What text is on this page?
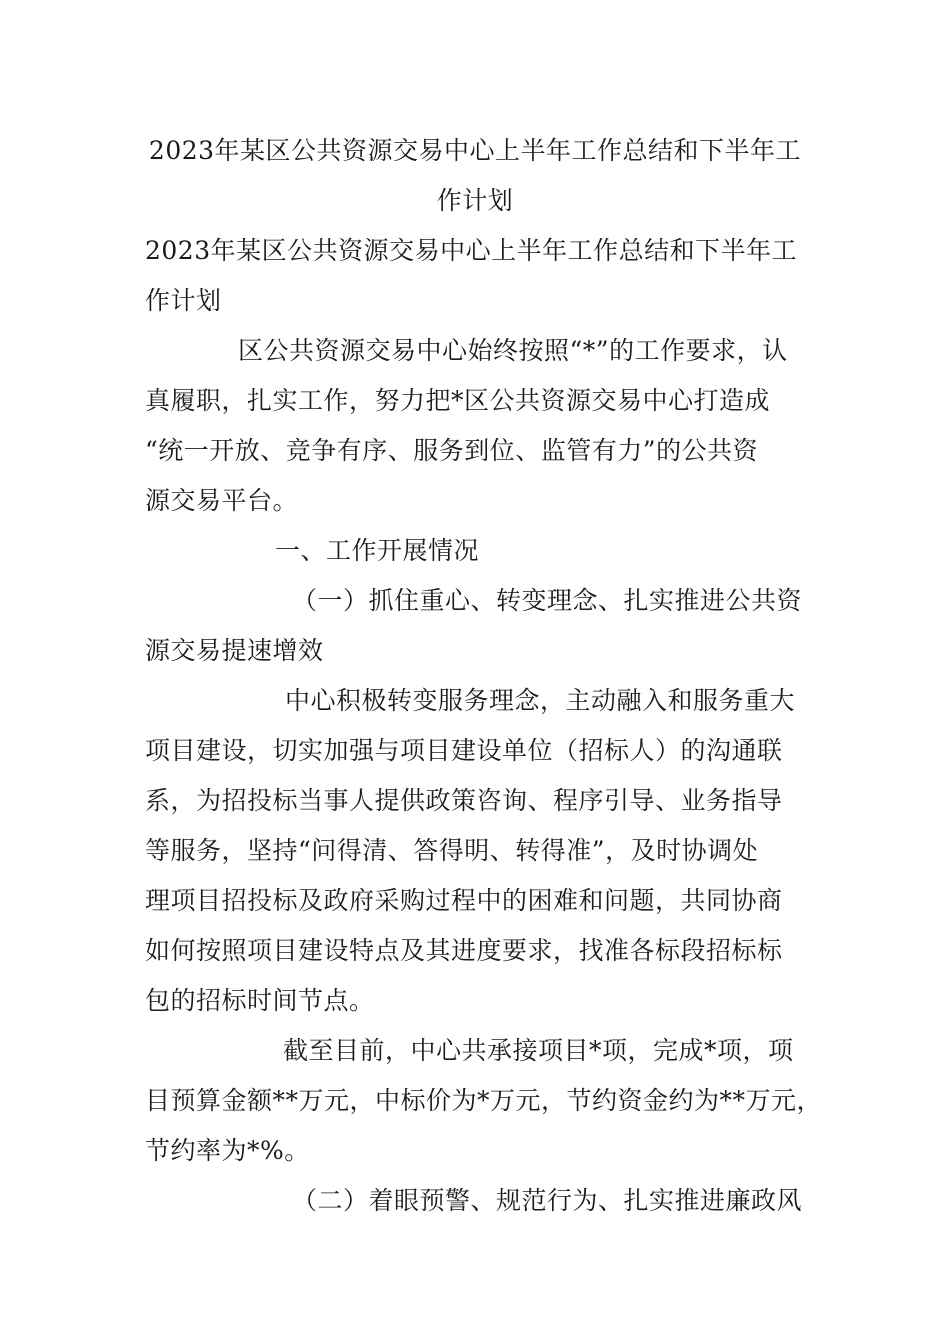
2023年某区公共资源交易中心上半年工作总结和下半年工
作计划
2023年某区公共资源交易中心上半年工作总结和下半年工
作计划
区公共资源交易中心始终按照“*”的工作要求，认
真履职，扎实工作，努力把*区公共资源交易中心打造成
“统一开放、竞争有序、服务到位、监管有力”的公共资
源交易平台。
一、工作开展情况
（一）抓住重心、转变理念、扎实推进公共资
源交易提速增效
中心积极转变服务理念，主动融入和服务重大
项目建设，切实加强与项目建设单位（招标人）的沟通联
系，为招投标当事人提供政策咨询、程序引导、业务指导
等服务，坚持“问得清、答得明、转得准”，及时协调处
理项目招投标及政府采购过程中的困难和问题，共同协商
如何按照项目建设特点及其进度要求，找准各标段招标标
包的招标时间节点。
截至目前，中心共承接项目*项，完成*项，项
目预算金额**万元，中标价为*万元，节约资金约为**万元，
节约率为*%。
（二）着眼预警、规范行为、扎实推进廉政风
